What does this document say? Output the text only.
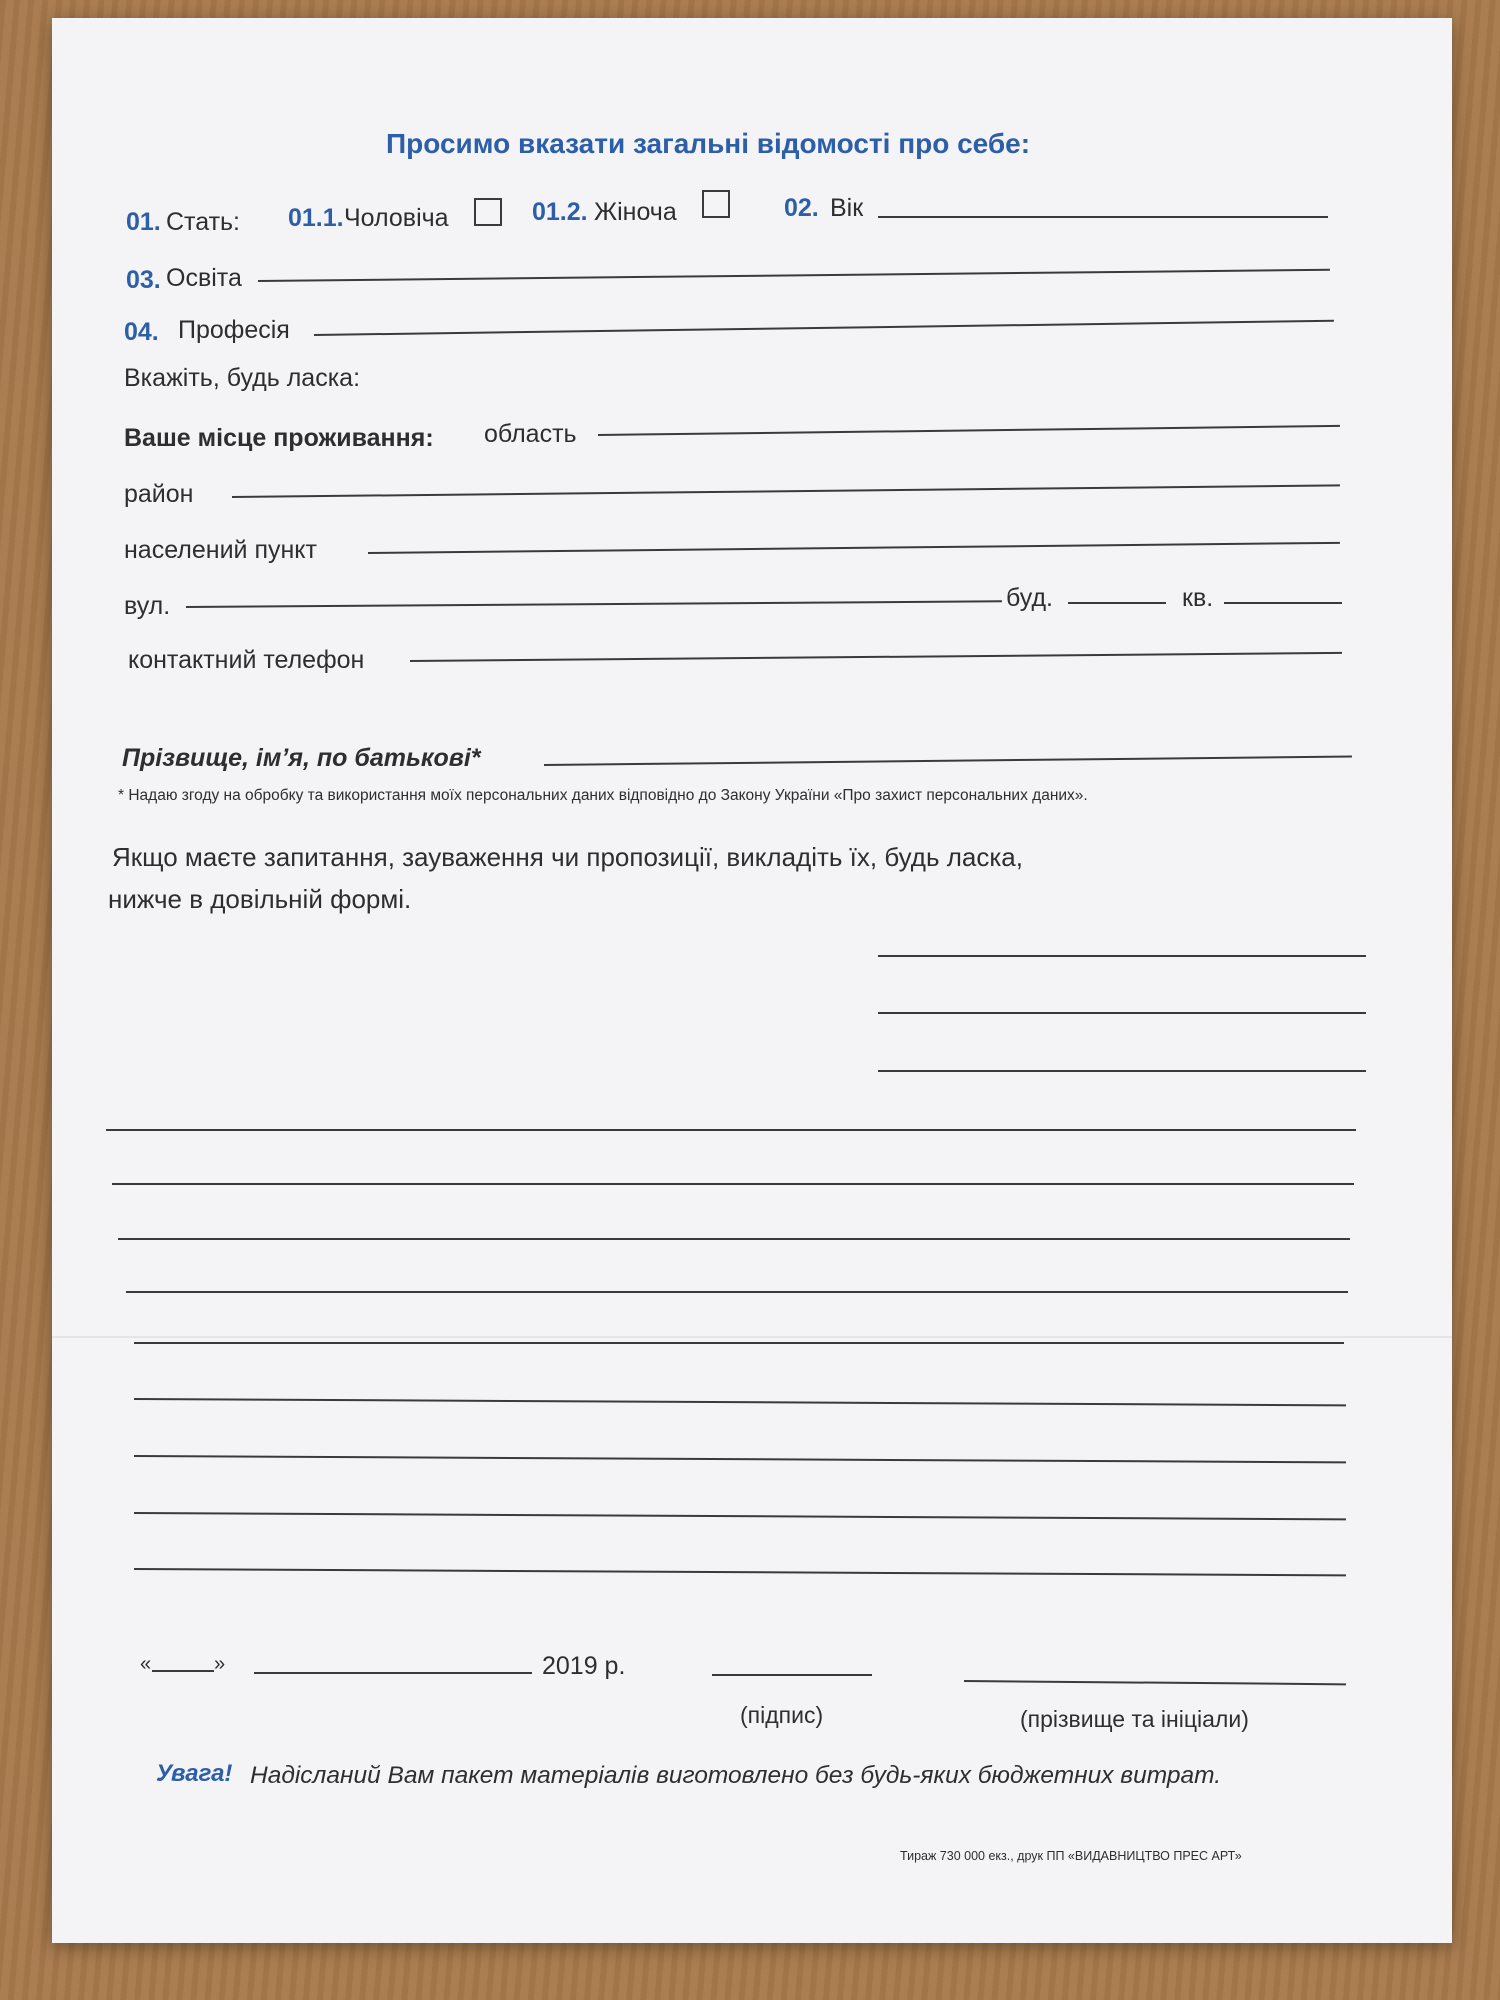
Просимо вказати загальні відомості про себе:
01. Стать: 01.1. Чоловіча	01.2. Жіноча	02. Вік
03. Освіта
04. Професія
Вкажіть, будь ласка:
Ваше місце проживання: область
район
населений пункт
вул.	буд.	кв.
контактний телефон
Прізвище, ім’я, по батькові*
* Надаю згоду на обробку та використання моїх персональних даних відповідно до Закону України «Про захист персональних даних».
Якщо маєте запитання, зауваження чи пропозиції, викладіть їх, будь ласка,
нижче в довільній формі.
«	»	2019 р.
(підпис)	(прізвище та ініціали)
Увага! Надісланий Вам пакет матеріалів виготовлено без будь-яких бюджетних витрат.
Тираж 730 000 екз., друк ПП «ВИДАВНИЦТВО ПРЕС АРТ»
